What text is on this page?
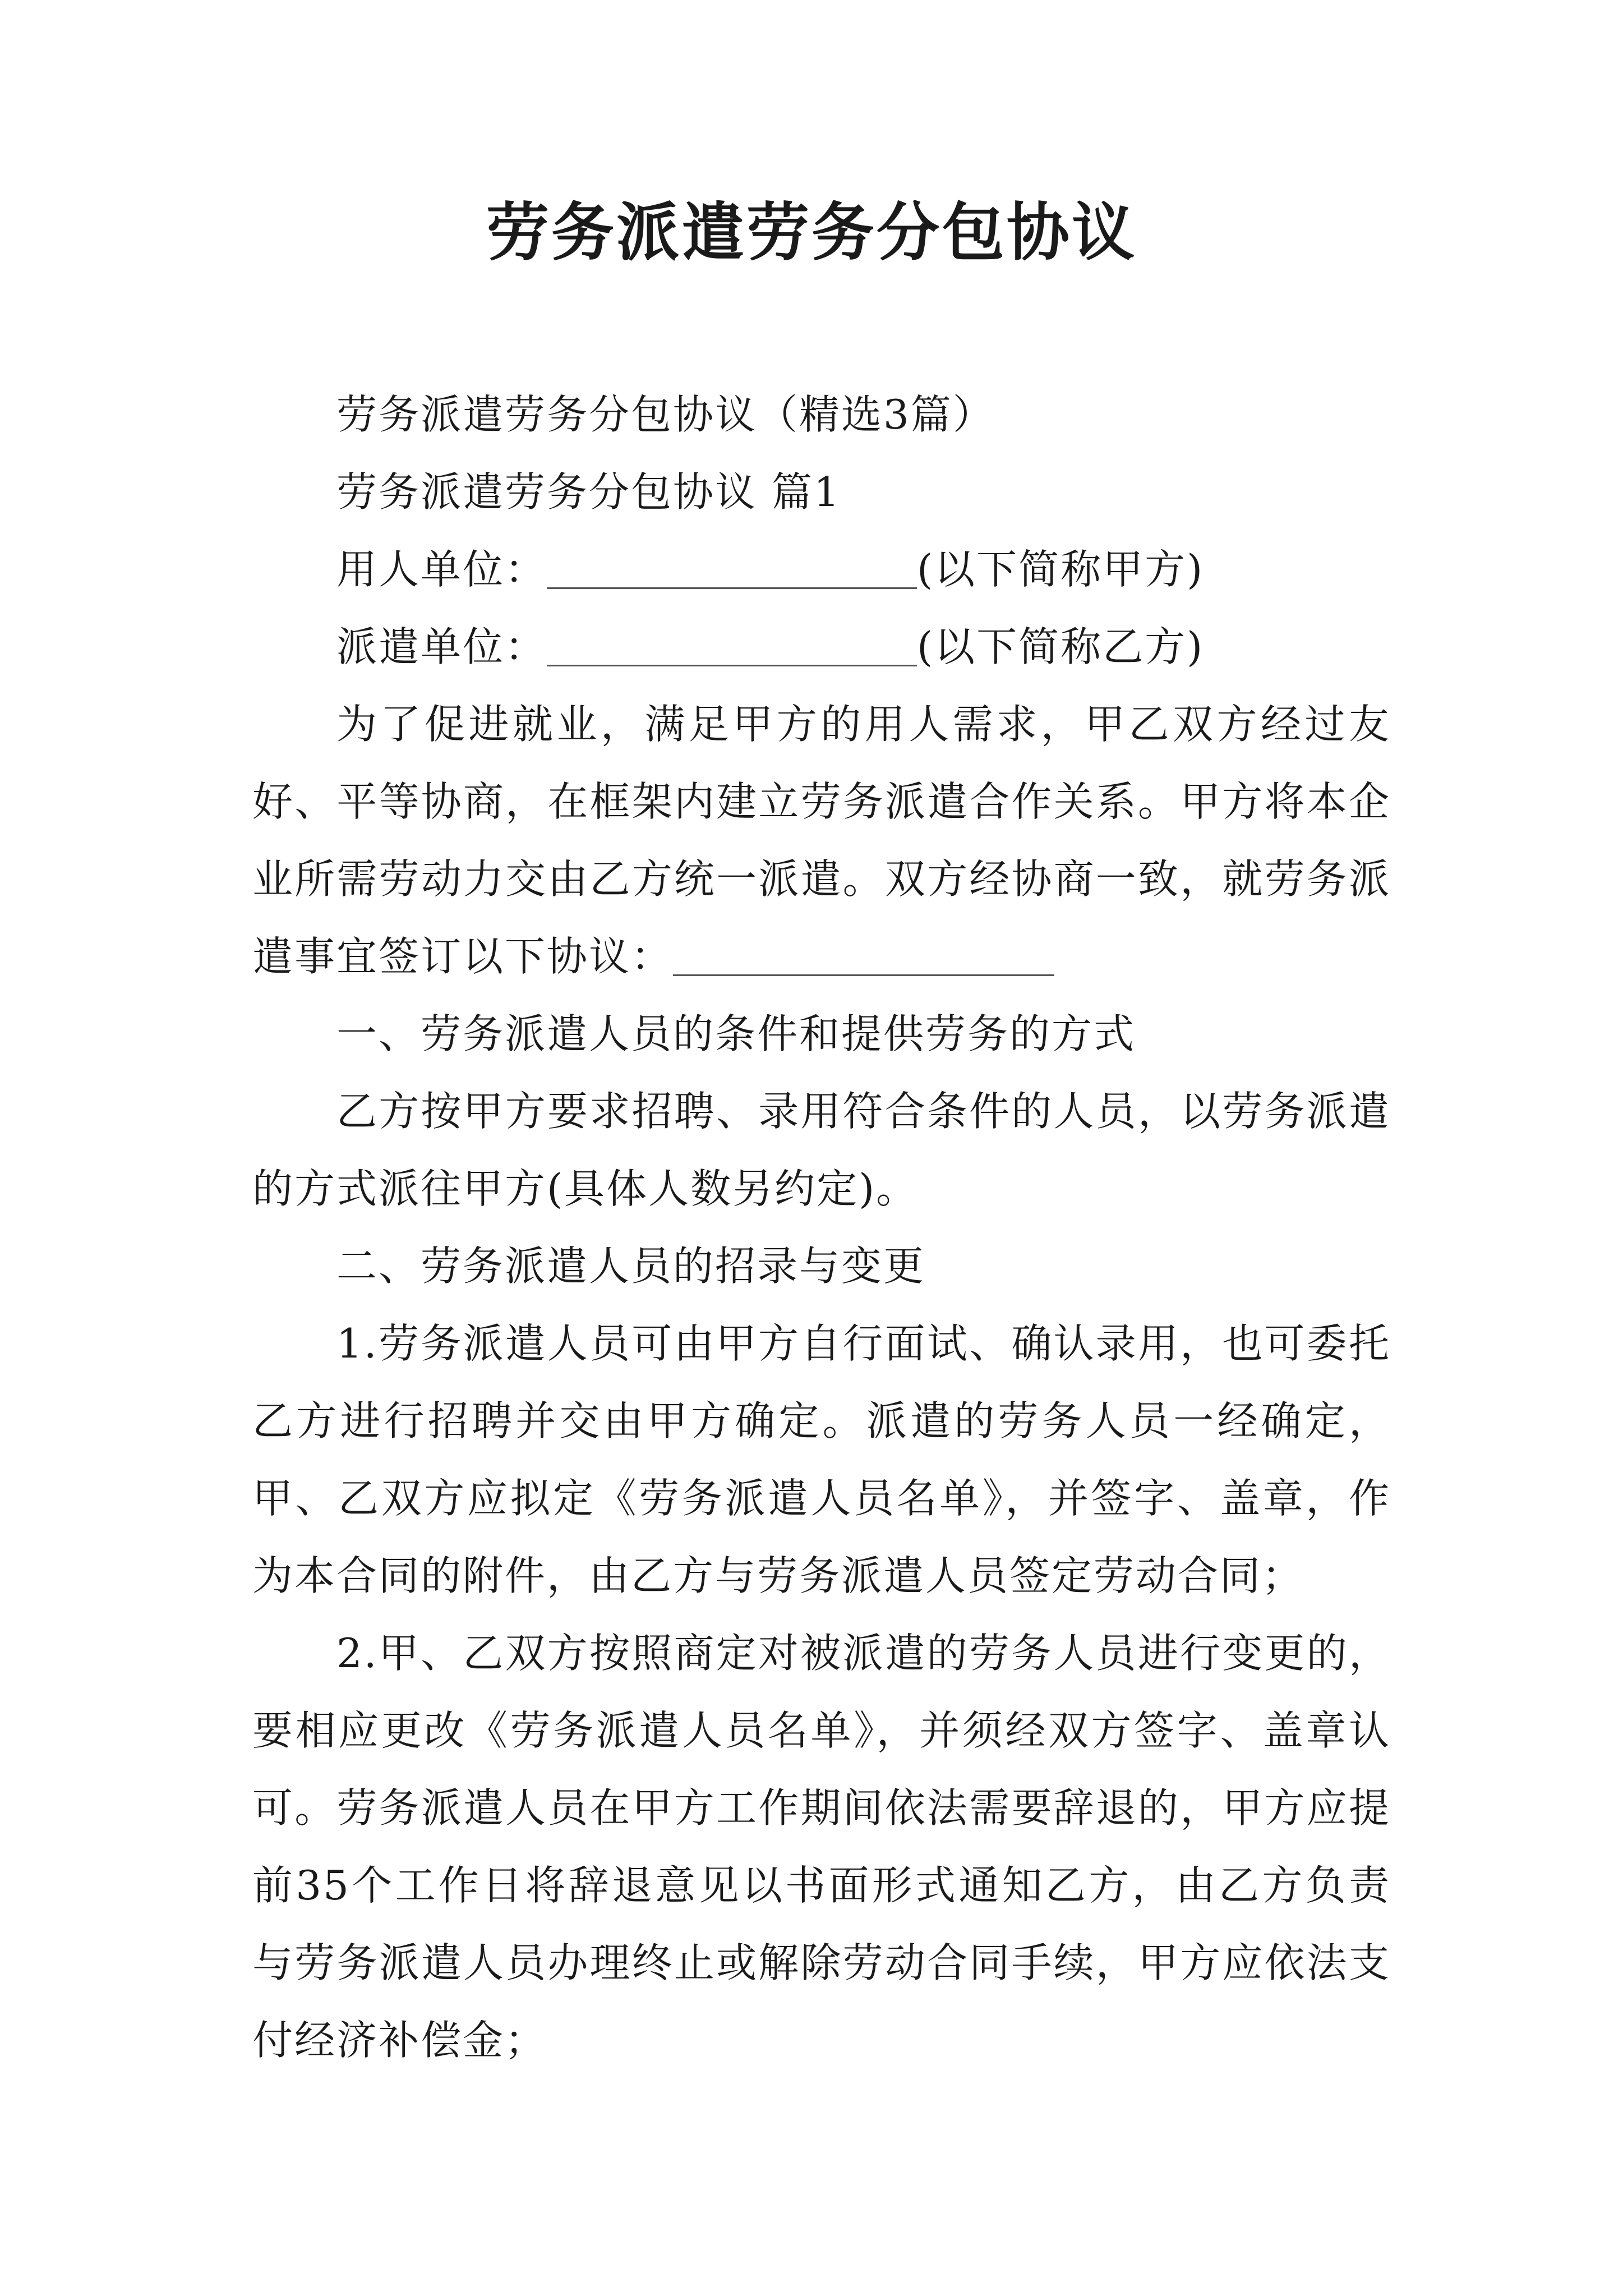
劳务派遣劳务分包协议

劳务派遣劳务分包协议（精选3篇）

劳务派遣劳务分包协议 篇1

用人单位：	(以下简称甲方)

派遣单位：	(以下简称乙方)

为了促进就业，满足甲方的用人需求，甲乙双方经过友好、平等协商，在框架内建立劳务派遣合作关系。甲方将本企业所需劳动力交由乙方统一派遣。双方经协商一致，就劳务派遣事宜签订以下协议：

一、劳务派遣人员的条件和提供劳务的方式

乙方按甲方要求招聘、录用符合条件的人员，以劳务派遣的方式派往甲方(具体人数另约定)。

二、劳务派遣人员的招录与变更

1.劳务派遣人员可由甲方自行面试、确认录用，也可委托乙方进行招聘并交由甲方确定。派遣的劳务人员一经确定，甲、乙双方应拟定《劳务派遣人员名单》，并签字、盖章，作为本合同的附件，由乙方与劳务派遣人员签定劳动合同；

2.甲、乙双方按照商定对被派遣的劳务人员进行变更的，要相应更改《劳务派遣人员名单》，并须经双方签字、盖章认可。劳务派遣人员在甲方工作期间依法需要辞退的，甲方应提前35个工作日将辞退意见以书面形式通知乙方，由乙方负责与劳务派遣人员办理终止或解除劳动合同手续，甲方应依法支付经济补偿金；
